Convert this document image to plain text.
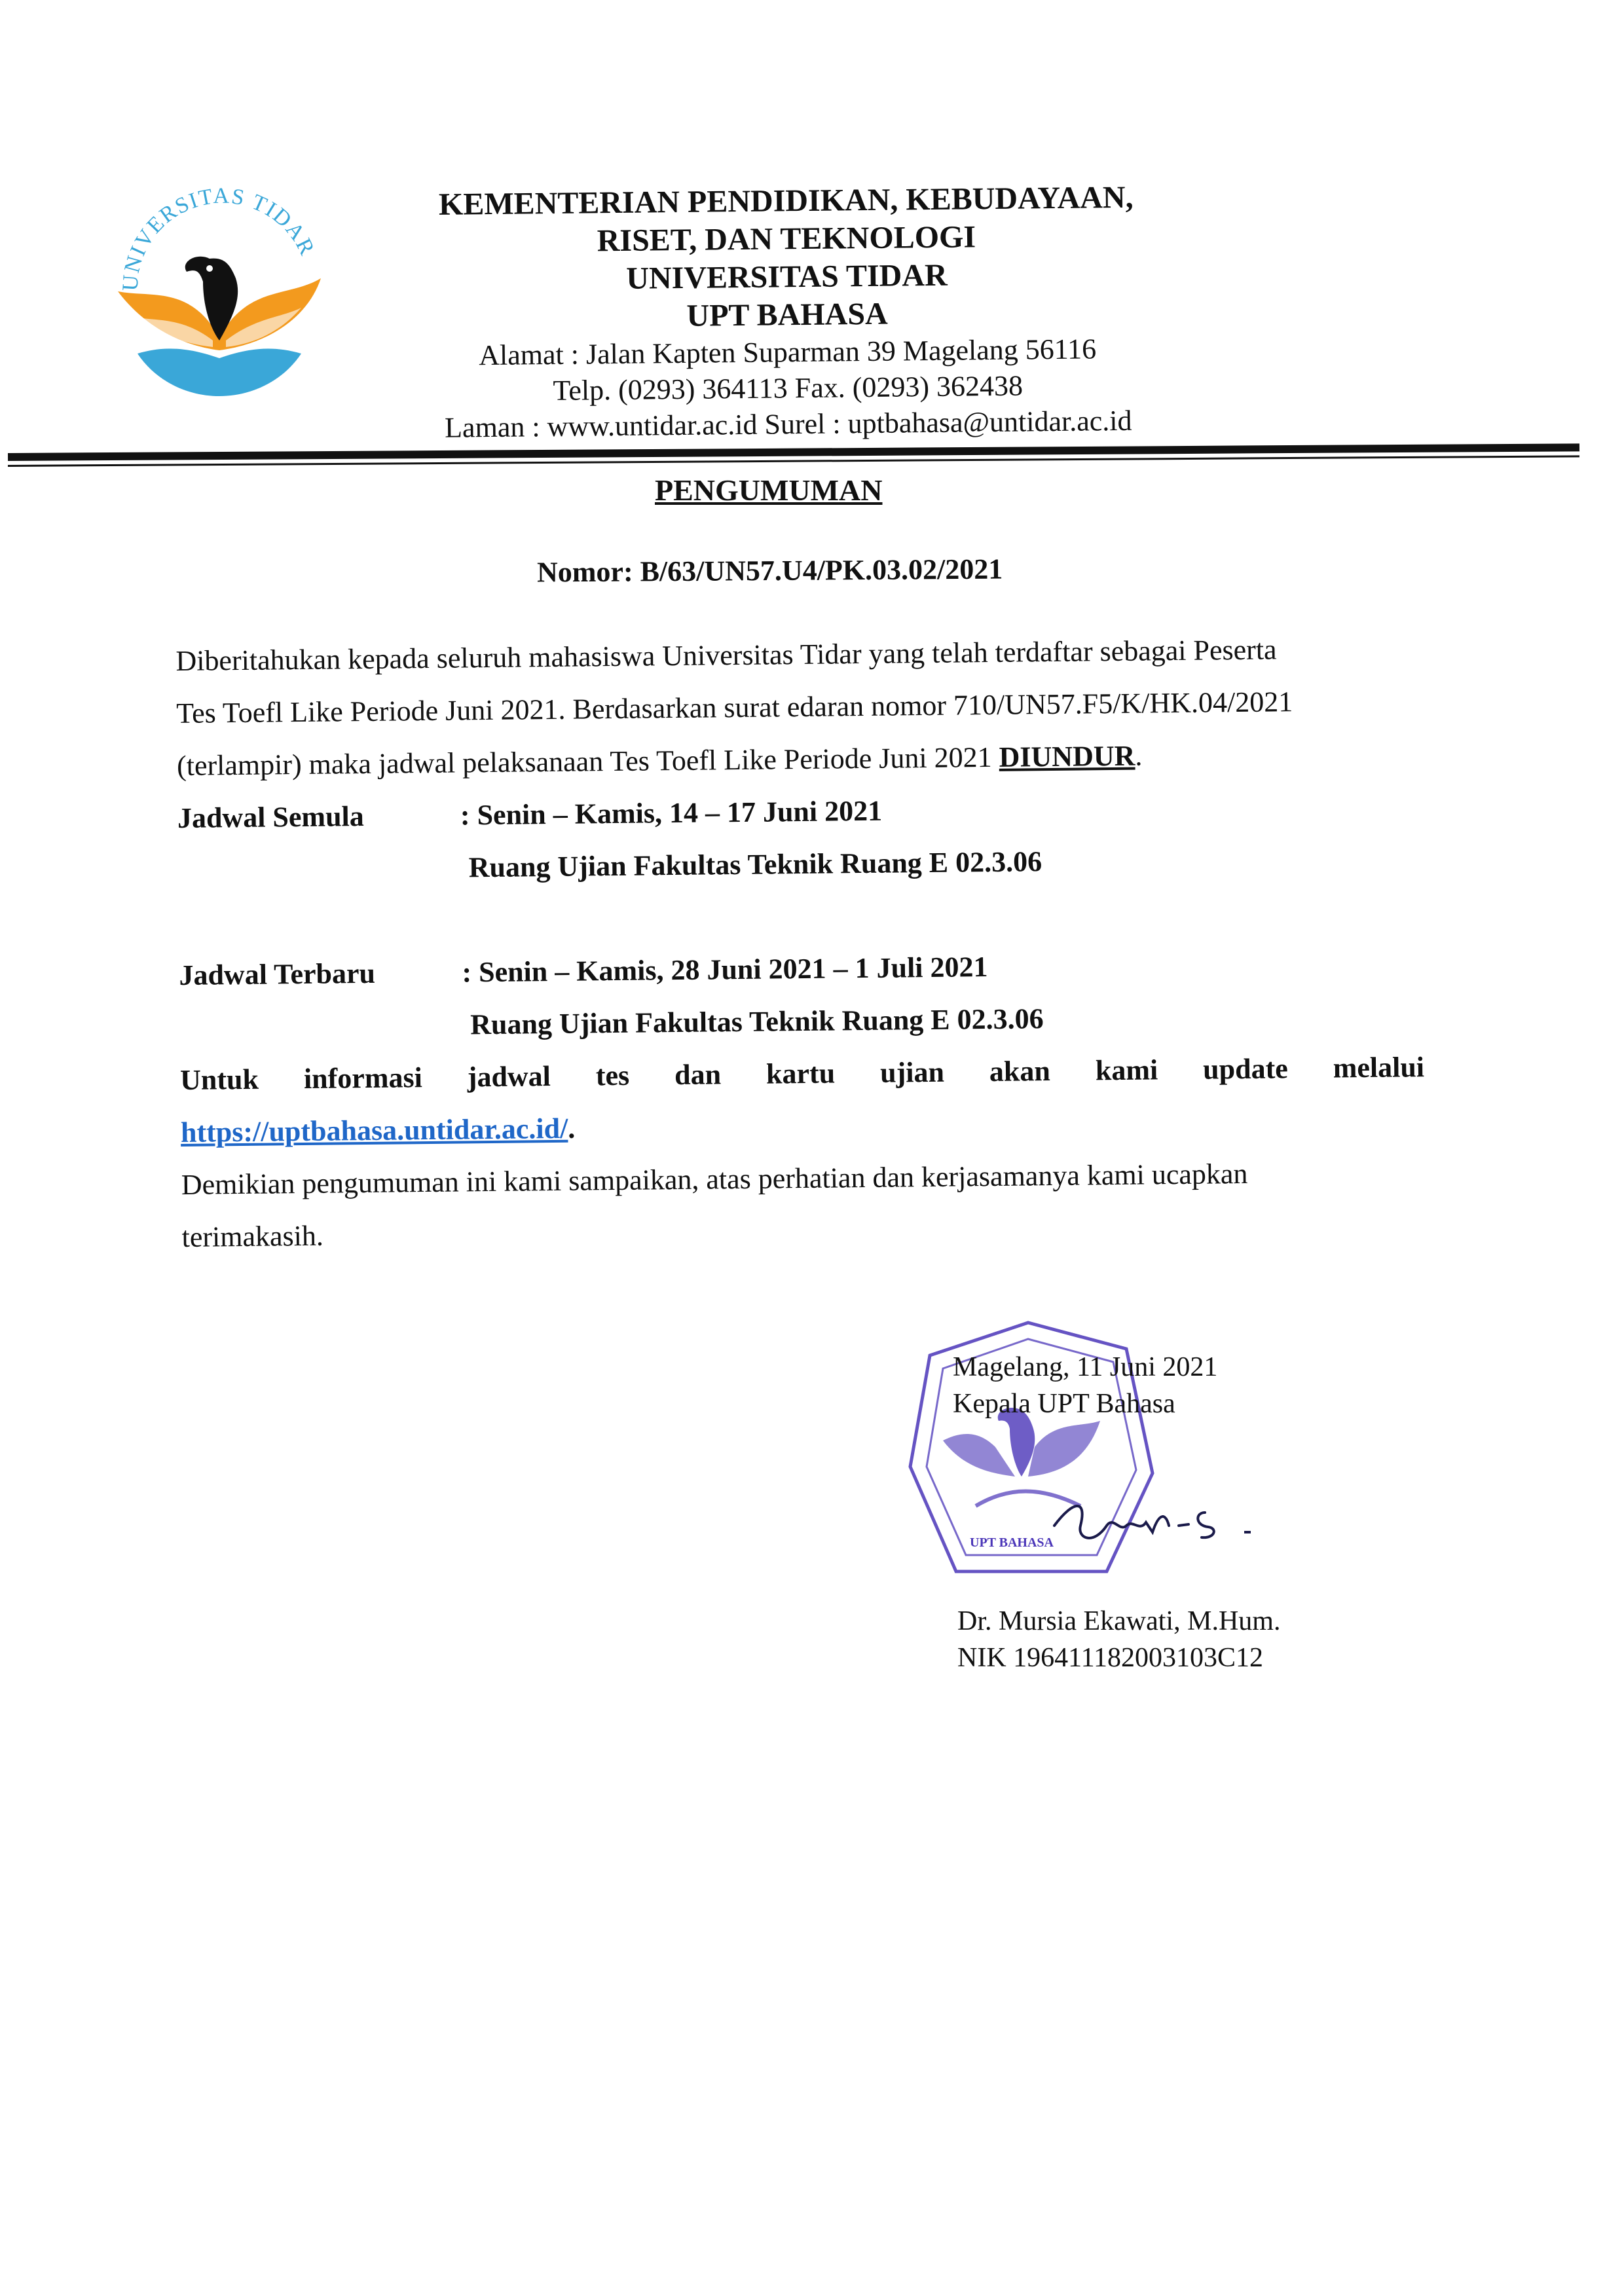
UNIVERSITAS TIDAR
KEMENTERIAN PENDIDIKAN, KEBUDAYAAN,
RISET, DAN TEKNOLOGI
UNIVERSITAS TIDAR
UPT BAHASA
Alamat : Jalan Kapten Suparman 39 Magelang 56116
Telp. (0293) 364113 Fax. (0293) 362438
Laman : www.untidar.ac.id Surel : uptbahasa@untidar.ac.id
PENGUMUMAN
Nomor: B/63/UN57.U4/PK.03.02/2021
Diberitahukan kepada seluruh mahasiswa Universitas Tidar yang telah terdaftar sebagai Peserta
Tes Toefl Like Periode Juni 2021. Berdasarkan surat edaran nomor 710/UN57.F5/K/HK.04/2021
(terlampir) maka jadwal pelaksanaan Tes Toefl Like Periode Juni 2021 DIUNDUR.
Jadwal Semula	: Senin – Kamis, 14 – 17 Juni 2021
Ruang Ujian Fakultas Teknik Ruang E 02.3.06
Jadwal Terbaru	: Senin – Kamis, 28 Juni 2021 – 1 Juli 2021
Ruang Ujian Fakultas Teknik Ruang E 02.3.06
Untuk informasi jadwal tes dan kartu ujian akan kami update melalui
https://uptbahasa.untidar.ac.id/.
Demikian pengumuman ini kami sampaikan, atas perhatian dan kerjasamanya kami ucapkan
terimakasih.
UPT BAHASA
Magelang, 11 Juni 2021
Kepala UPT Bahasa
Dr. Mursia Ekawati, M.Hum.
NIK 196411182003103C12
